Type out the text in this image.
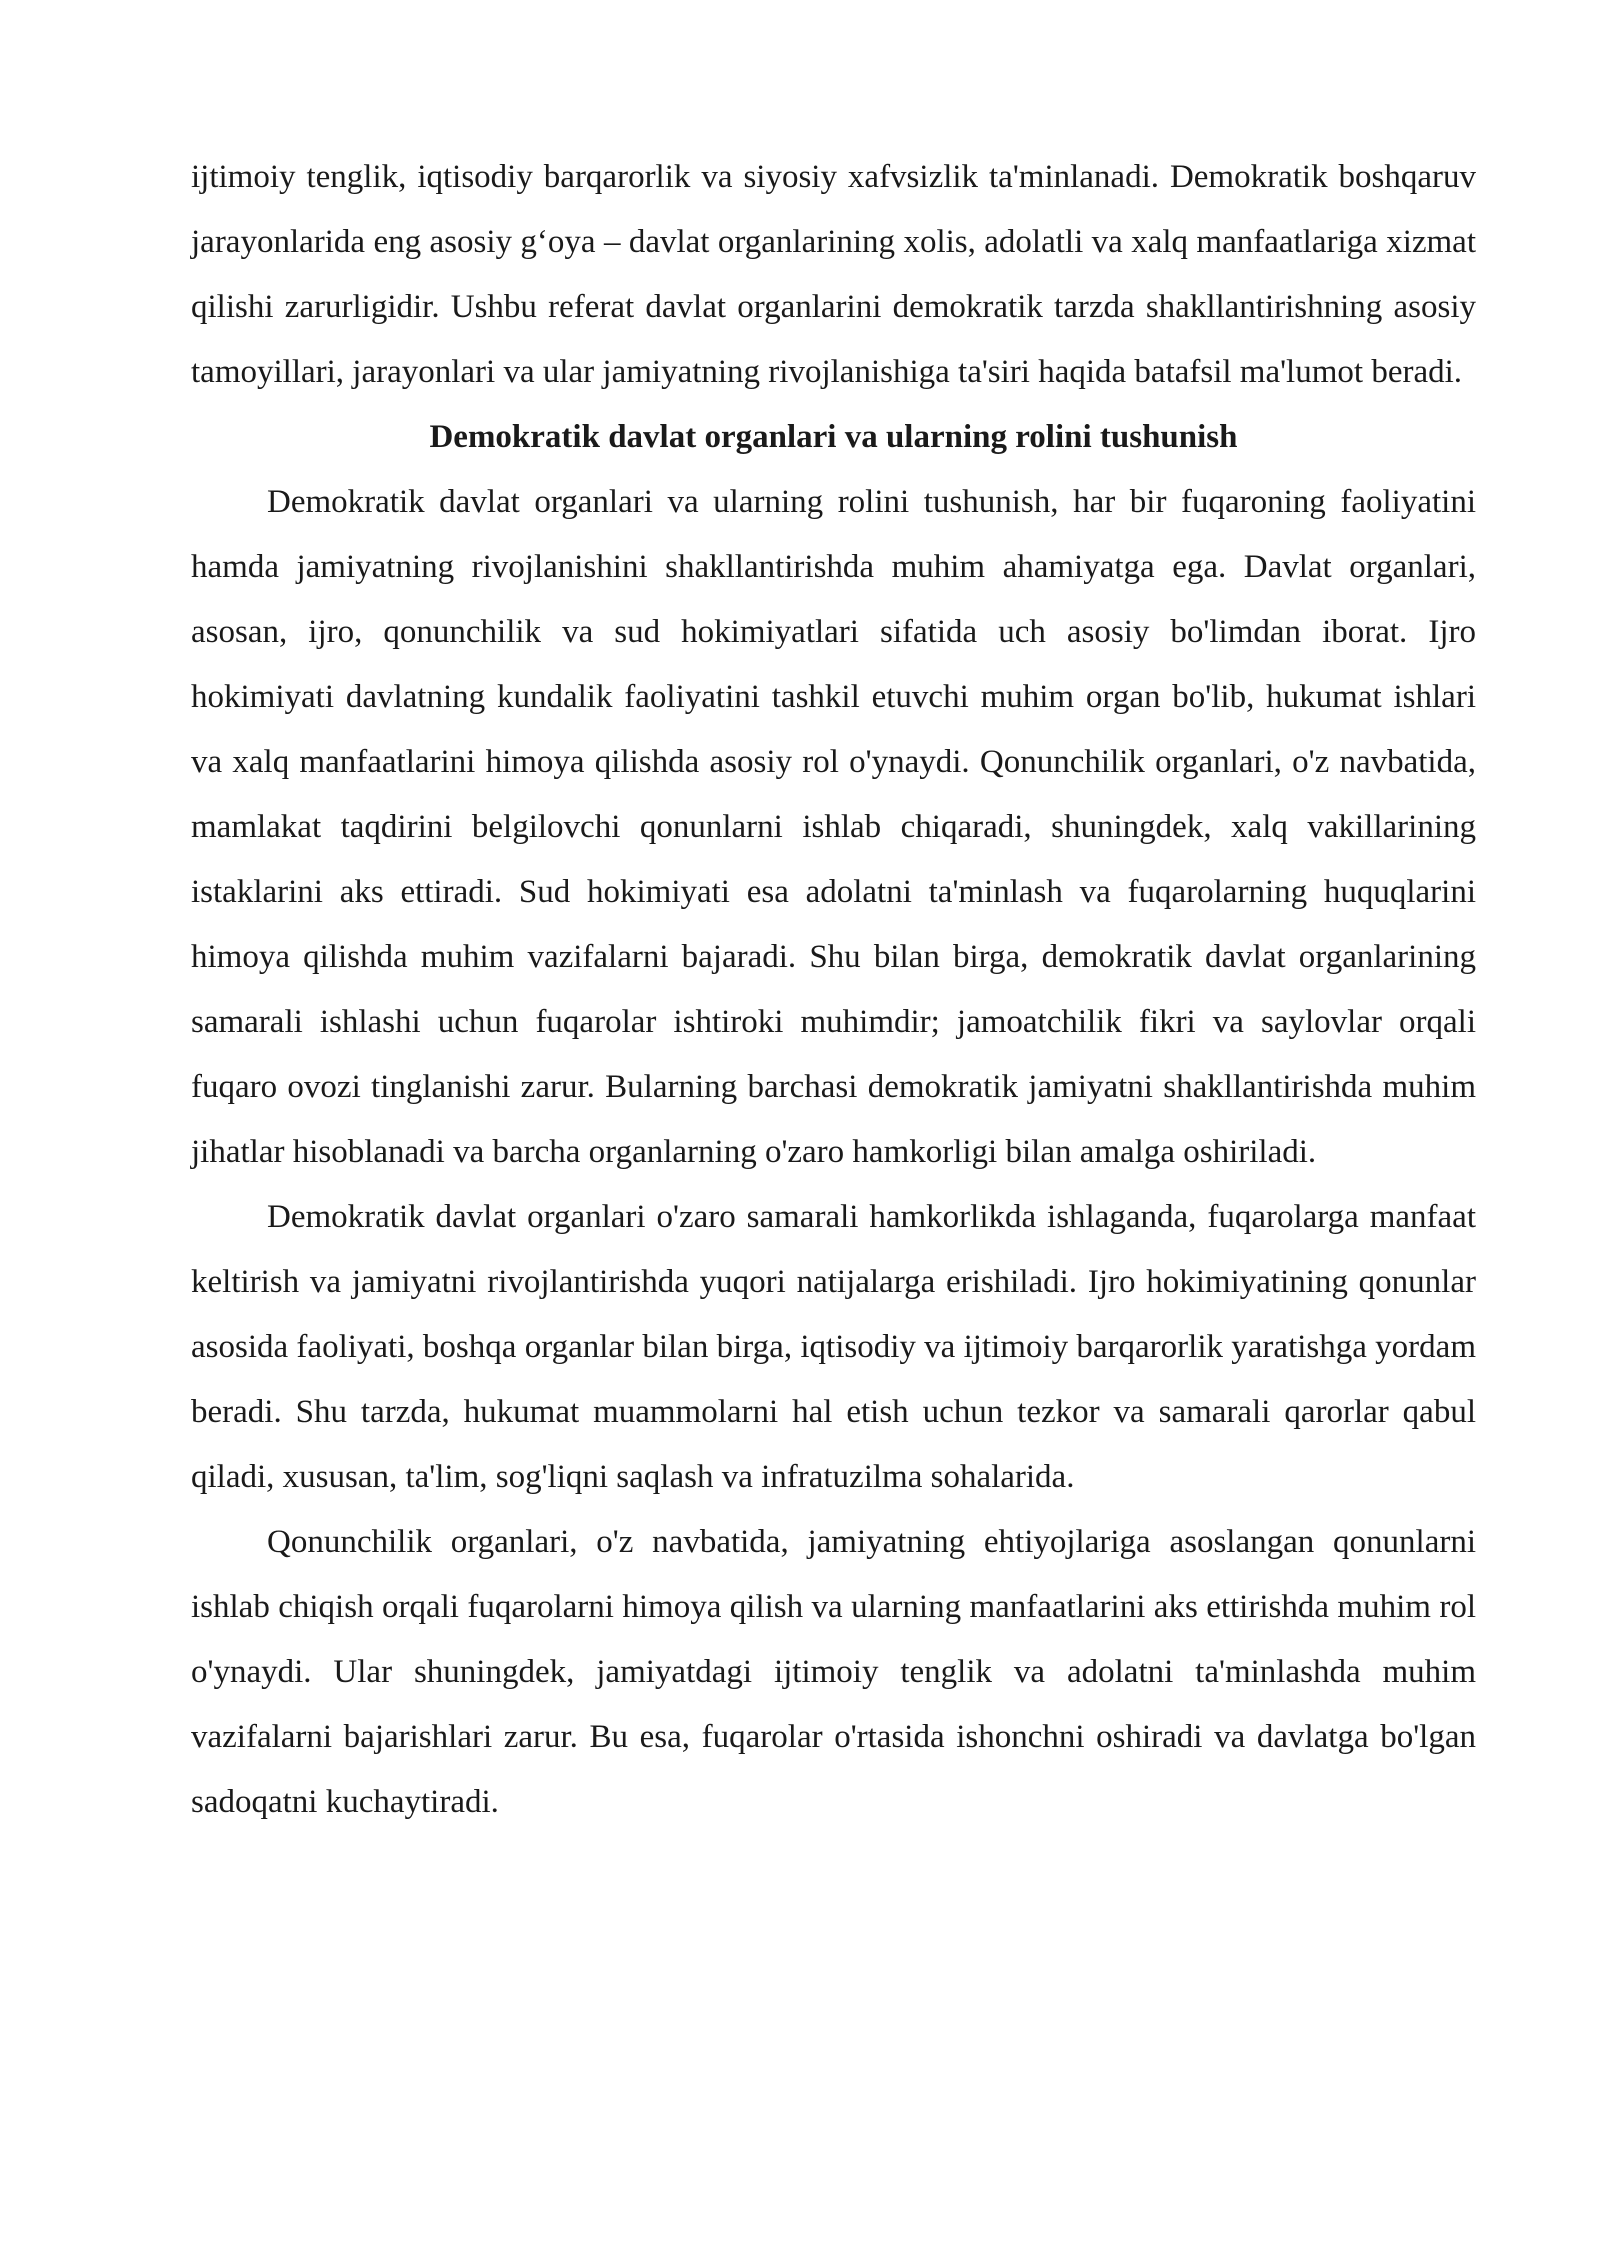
ijtimoiy tenglik, iqtisodiy barqarorlik va siyosiy xafvsizlik ta'minlanadi. Demokratik boshqaruv jarayonlarida eng asosiy g‘oya – davlat organlarining xolis, adolatli va xalq manfaatlariga xizmat qilishi zarurligidir. Ushbu referat davlat organlarini demokratik tarzda shakllantirishning asosiy tamoyillari, jarayonlari va ular jamiyatning rivojlanishiga ta'siri haqida batafsil ma'lumot beradi.

Demokratik davlat organlari va ularning rolini tushunish

Demokratik davlat organlari va ularning rolini tushunish, har bir fuqaroning faoliyatini hamda jamiyatning rivojlanishini shakllantirishda muhim ahamiyatga ega. Davlat organlari, asosan, ijro, qonunchilik va sud hokimiyatlari sifatida uch asosiy bo'limdan iborat. Ijro hokimiyati davlatning kundalik faoliyatini tashkil etuvchi muhim organ bo'lib, hukumat ishlari va xalq manfaatlarini himoya qilishda asosiy rol o'ynaydi. Qonunchilik organlari, o'z navbatida, mamlakat taqdirini belgilovchi qonunlarni ishlab chiqaradi, shuningdek, xalq vakillarining istaklarini aks ettiradi. Sud hokimiyati esa adolatni ta'minlash va fuqarolarning huquqlarini himoya qilishda muhim vazifalarni bajaradi. Shu bilan birga, demokratik davlat organlarining samarali ishlashi uchun fuqarolar ishtiroki muhimdir; jamoatchilik fikri va saylovlar orqali fuqaro ovozi tinglanishi zarur. Bularning barchasi demokratik jamiyatni shakllantirishda muhim jihatlar hisoblanadi va barcha organlarning o'zaro hamkorligi bilan amalga oshiriladi.

Demokratik davlat organlari o'zaro samarali hamkorlikda ishlaganda, fuqarolarga manfaat keltirish va jamiyatni rivojlantirishda yuqori natijalarga erishiladi. Ijro hokimiyatining qonunlar asosida faoliyati, boshqa organlar bilan birga, iqtisodiy va ijtimoiy barqarorlik yaratishga yordam beradi. Shu tarzda, hukumat muammolarni hal etish uchun tezkor va samarali qarorlar qabul qiladi, xususan, ta'lim, sog'liqni saqlash va infratuzilma sohalarida.

Qonunchilik organlari, o'z navbatida, jamiyatning ehtiyojlariga asoslangan qonunlarni ishlab chiqish orqali fuqarolarni himoya qilish va ularning manfaatlarini aks ettirishda muhim rol o'ynaydi. Ular shuningdek, jamiyatdagi ijtimoiy tenglik va adolatni ta'minlashda muhim vazifalarni bajarishlari zarur. Bu esa, fuqarolar o'rtasida ishonchni oshiradi va davlatga bo'lgan sadoqatni kuchaytiradi.
